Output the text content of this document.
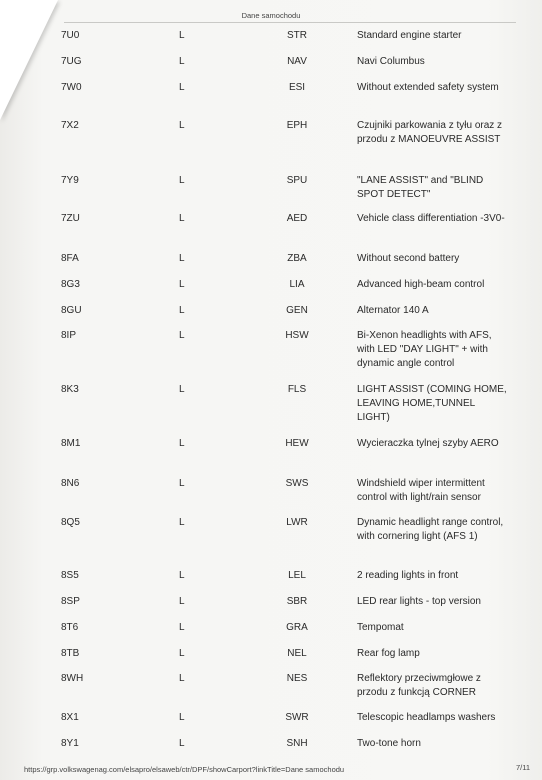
Dane samochodu
7U0	L	STR	Standard engine starter
7UG	L	NAV	Navi Columbus
7W0	L	ESI	Without extended safety system
7X2	L	EPH	Czujniki parkowania z tyłu oraz z przodu z MANOEUVRE ASSIST
7Y9	L	SPU	"LANE ASSIST" and "BLIND SPOT DETECT"
7ZU	L	AED	Vehicle class differentiation -3V0-
8FA	L	ZBA	Without second battery
8G3	L	LIA	Advanced high-beam control
8GU	L	GEN	Alternator 140 A
8IP	L	HSW	Bi-Xenon headlights with AFS, with LED "DAY LIGHT" + with dynamic angle control
8K3	L	FLS	LIGHT ASSIST (COMING HOME, LEAVING HOME,TUNNEL LIGHT)
8M1	L	HEW	Wycieraczka tylnej szyby AERO
8N6	L	SWS	Windshield wiper intermittent control with light/rain sensor
8Q5	L	LWR	Dynamic headlight range control, with cornering light (AFS 1)
8S5	L	LEL	2 reading lights in front
8SP	L	SBR	LED rear lights - top version
8T6	L	GRA	Tempomat
8TB	L	NEL	Rear fog lamp
8WH	L	NES	Reflektory przeciwmgłowe z przodu z funkcją CORNER
8X1	L	SWR	Telescopic headlamps washers
8Y1	L	SNH	Two-tone horn
https://grp.volkswagenag.com/elsapro/elsaweb/ctr/DPF/showCarport?linkTitle=Dane samochodu	7/11
